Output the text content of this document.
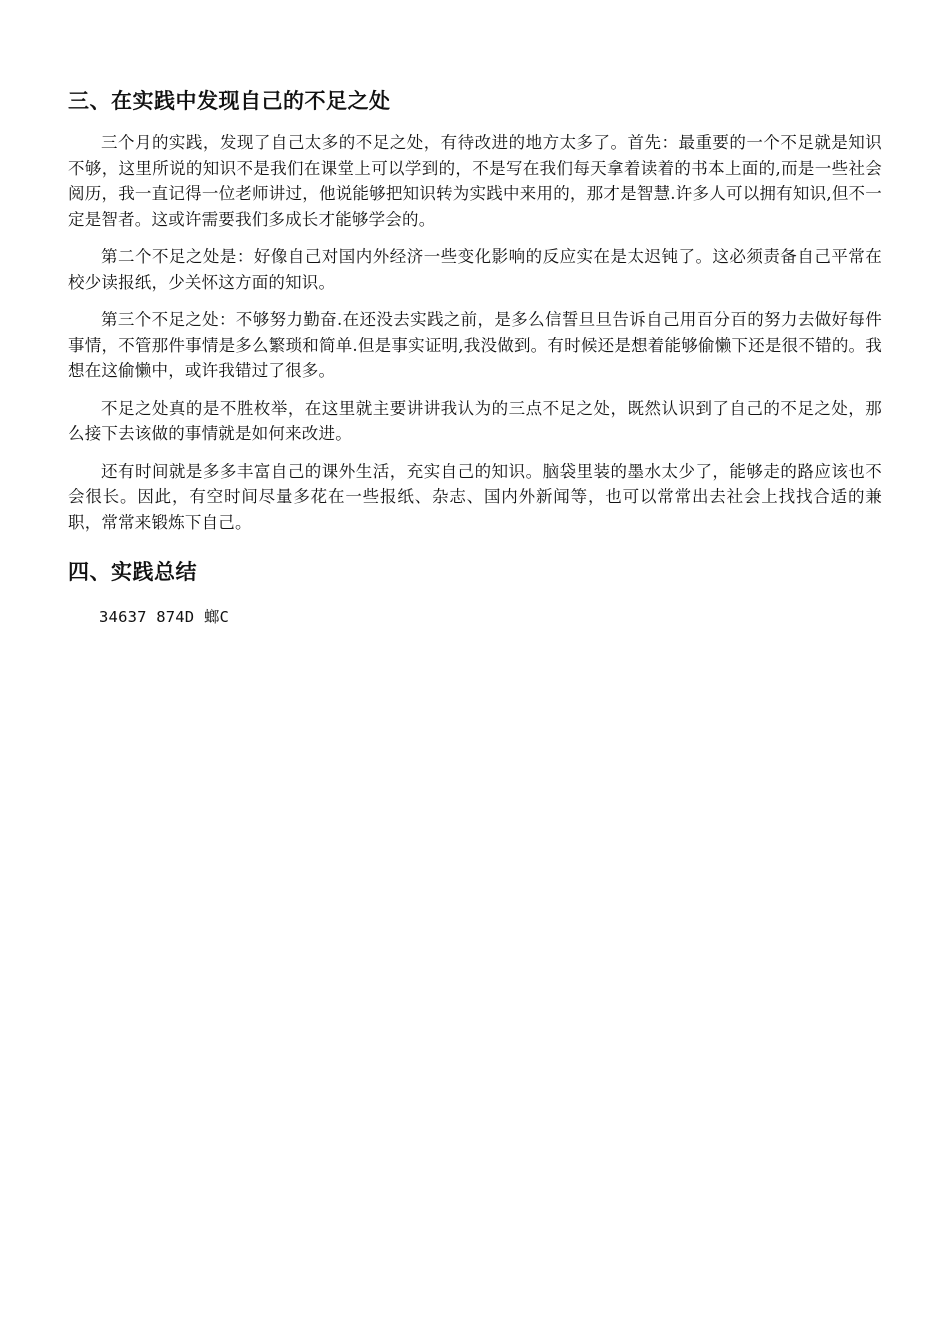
三、在实践中发现自己的不足之处

三个月的实践，发现了自己太多的不足之处，有待改进的地方太多了。首先：最重要的一个不足就是知识不够，这里所说的知识不是我们在课堂上可以学到的，不是写在我们每天拿着读着的书本上面的,而是一些社会阅历，我一直记得一位老师讲过，他说能够把知识转为实践中来用的，那才是智慧.许多人可以拥有知识,但不一定是智者。这或许需要我们多成长才能够学会的。

第二个不足之处是：好像自己对国内外经济一些变化影响的反应实在是太迟钝了。这必须责备自己平常在校少读报纸，少关怀这方面的知识。

第三个不足之处：不够努力勤奋.在还没去实践之前，是多么信誓旦旦告诉自己用百分百的努力去做好每件事情，不管那件事情是多么繁琐和简单.但是事实证明,我没做到。有时候还是想着能够偷懒下还是很不错的。我想在这偷懒中，或许我错过了很多。

不足之处真的是不胜枚举，在这里就主要讲讲我认为的三点不足之处，既然认识到了自己的不足之处，那么接下去该做的事情就是如何来改进。

还有时间就是多多丰富自己的课外生活，充实自己的知识。脑袋里装的墨水太少了，能够走的路应该也不会很长。因此，有空时间尽量多花在一些报纸、杂志、国内外新闻等，也可以常常出去社会上找找合适的兼职，常常来锻炼下自己。

四、实践总结

34637 874D 螂C
